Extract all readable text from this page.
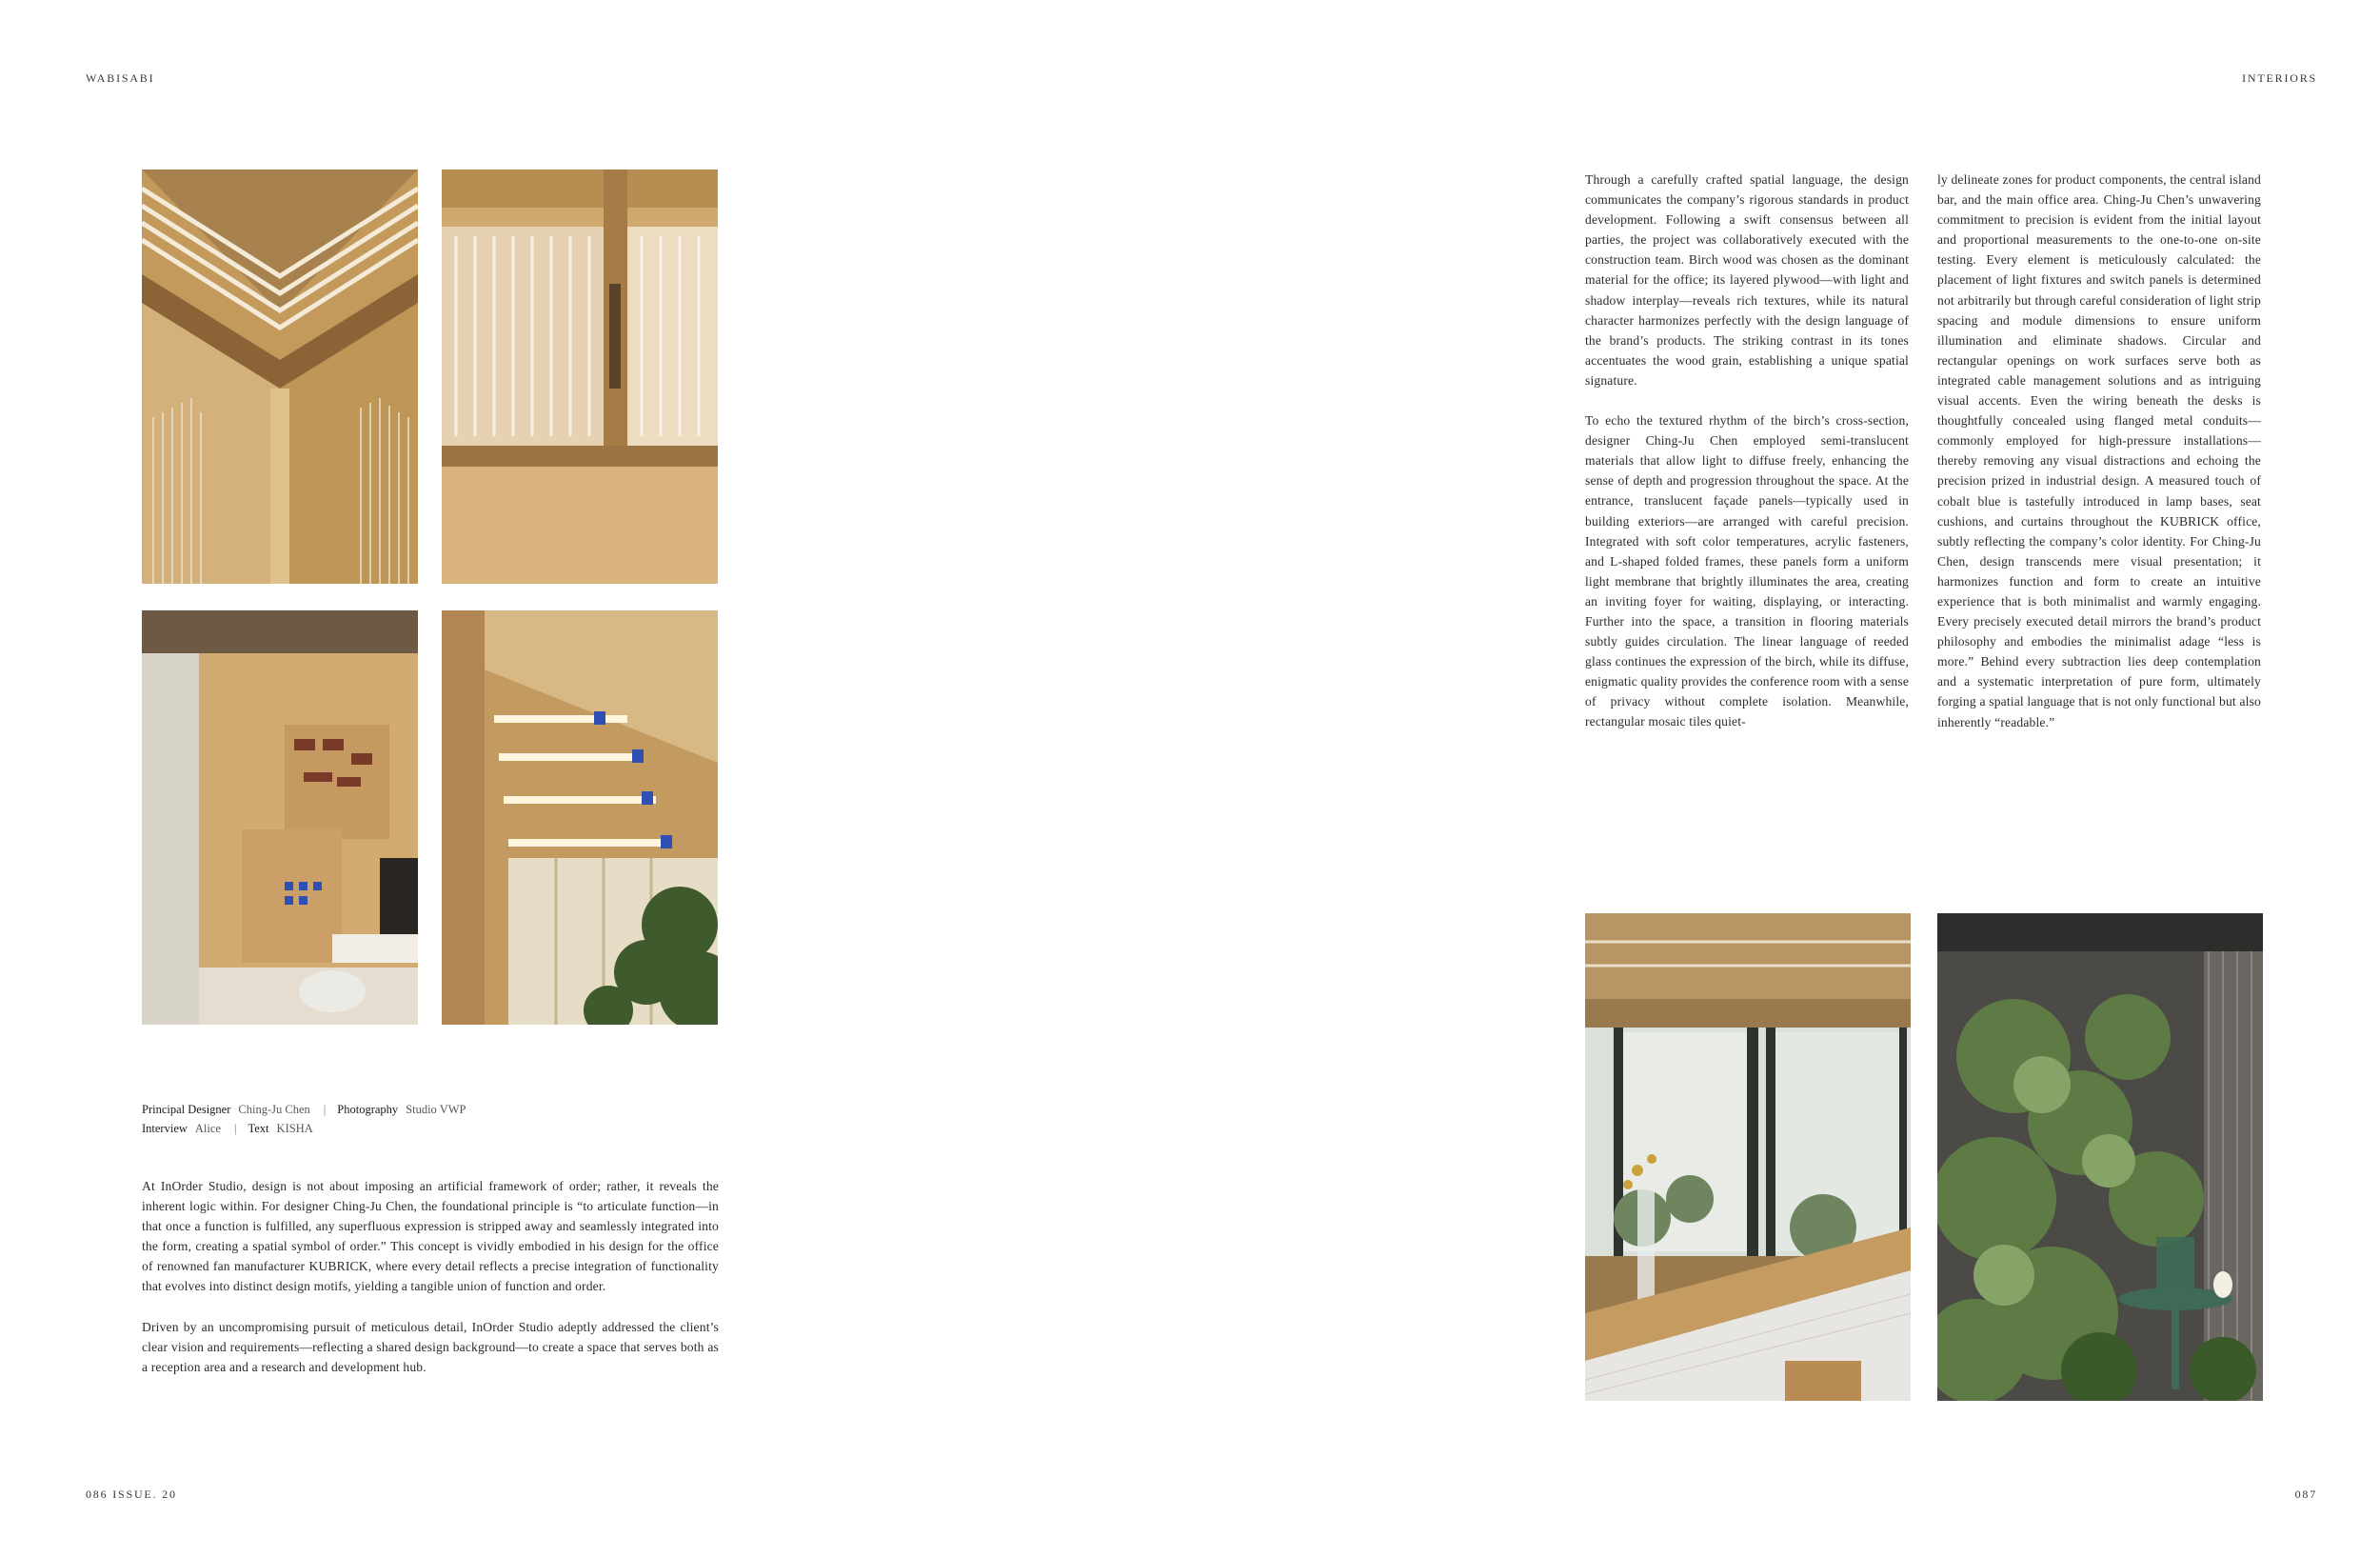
WABISABI	INTERIORS
Principal Designer Ching-Ju Chen | Photography Studio VWP
Interview Alice | Text KISHA

At InOrder Studio, design is not about imposing an artificial framework of order; rather, it reveals the inherent logic within. For designer Ching-Ju Chen, the foundational principle is “to articulate function—in that once a function is fulfilled, any superfluous expression is stripped away and seamlessly integrated into the form, creating a spatial symbol of order.” This concept is vividly embodied in his design for the office of renowned fan manufacturer KUBRICK, where every detail reflects a precise integration of functionality that evolves into distinct design motifs, yielding a tangible union of function and order.

Driven by an uncompromising pursuit of meticulous detail, InOrder Studio adeptly addressed the client’s clear vision and requirements—reflecting a shared design background—to create a space that serves both as a reception area and a research and development hub.

Through a carefully crafted spatial language, the design communicates the company’s rigorous standards in product development. Following a swift consensus between all parties, the project was collaboratively executed with the construction team. Birch wood was chosen as the dominant material for the office; its layered plywood—with light and shadow interplay—reveals rich textures, while its natural character harmonizes perfectly with the design language of the brand’s products. The striking contrast in its tones accentuates the wood grain, establishing a unique spatial signature.

To echo the textured rhythm of the birch’s cross-section, designer Ching-Ju Chen employed semi-translucent materials that allow light to diffuse freely, enhancing the sense of depth and progression throughout the space. At the entrance, translucent façade panels—typically used in building exteriors—are arranged with careful precision. Integrated with soft color temperatures, acrylic fasteners, and L-shaped folded frames, these panels form a uniform light membrane that brightly illuminates the area, creating an inviting foyer for waiting, displaying, or interacting. Further into the space, a transition in flooring materials subtly guides circulation. The linear language of reeded glass continues the expression of the birch, while its diffuse, enigmatic quality provides the conference room with a sense of privacy without complete isolation. Meanwhile, rectangular mosaic tiles quiet-

ly delineate zones for product components, the central island bar, and the main office area. Ching-Ju Chen’s unwavering commitment to precision is evident from the initial layout and proportional measurements to the one-to-one on-site testing. Every element is meticulously calculated: the placement of light fixtures and switch panels is determined not arbitrarily but through careful consideration of light strip spacing and module dimensions to ensure uniform illumination and eliminate shadows. Circular and rectangular openings on work surfaces serve both as integrated cable management solutions and as intriguing visual accents. Even the wiring beneath the desks is thoughtfully concealed using flanged metal conduits—commonly employed for high-pressure installations—thereby removing any visual distractions and echoing the precision prized in industrial design. A measured touch of cobalt blue is tastefully introduced in lamp bases, seat cushions, and curtains throughout the KUBRICK office, subtly reflecting the company’s color identity. For Ching-Ju Chen, design transcends mere visual presentation; it harmonizes function and form to create an intuitive experience that is both minimalist and warmly engaging. Every precisely executed detail mirrors the brand’s product philosophy and embodies the minimalist adage “less is more.” Behind every subtraction lies deep contemplation and a systematic interpretation of pure form, ultimately forging a spatial language that is not only functional but also inherently “readable.”

086 ISSUE. 20	087
